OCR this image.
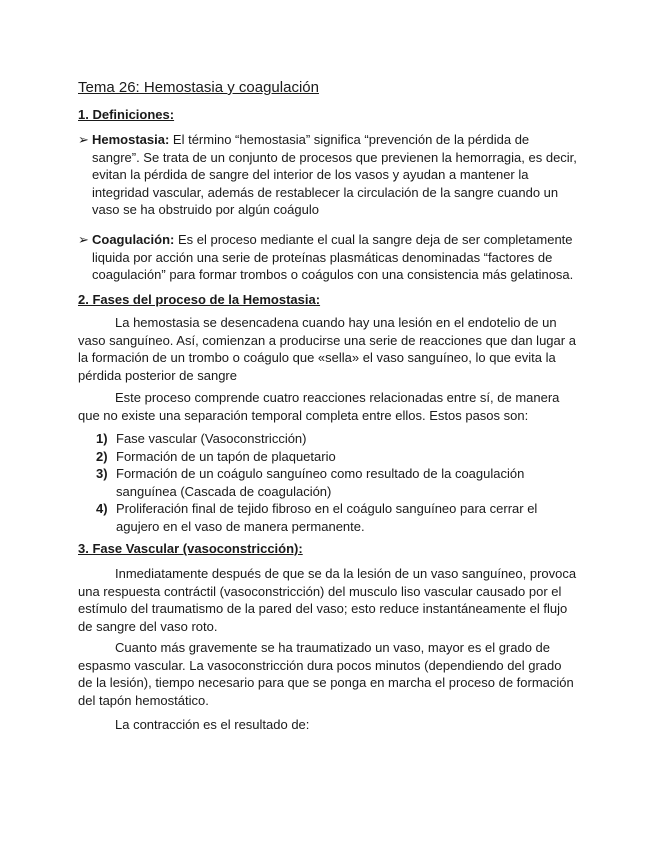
Tema 26: Hemostasia y coagulación
1. Definiciones:
➢ Hemostasia: El término “hemostasia” significa “prevención de la pérdida de sangre”. Se trata de un conjunto de procesos que previenen la hemorragia, es decir, evitan la pérdida de sangre del interior de los vasos y ayudan a mantener la integridad vascular, además de restablecer la circulación de la sangre cuando un vaso se ha obstruido por algún coágulo
➢ Coagulación: Es el proceso mediante el cual la sangre deja de ser completamente liquida por acción una serie de proteínas plasmáticas denominadas “factores de coagulación” para formar trombos o coágulos con una consistencia más gelatinosa.
2. Fases del proceso de la Hemostasia:
La hemostasia se desencadena cuando hay una lesión en el endotelio de un vaso sanguíneo. Así, comienzan a producirse una serie de reacciones que dan lugar a la formación de un trombo o coágulo que «sella» el vaso sanguíneo, lo que evita la pérdida posterior de sangre
Este proceso comprende cuatro reacciones relacionadas entre sí, de manera que no existe una separación temporal completa entre ellos. Estos pasos son:
1) Fase vascular (Vasoconstricción)
2) Formación de un tapón de plaquetario
3) Formación de un coágulo sanguíneo como resultado de la coagulación sanguínea (Cascada de coagulación)
4) Proliferación final de tejido fibroso en el coágulo sanguíneo para cerrar el agujero en el vaso de manera permanente.
3. Fase Vascular (vasoconstricción):
Inmediatamente después de que se da la lesión de un vaso sanguíneo, provoca una respuesta contráctil (vasoconstricción) del musculo liso vascular causado por el estímulo del traumatismo de la pared del vaso; esto reduce instantáneamente el flujo de sangre del vaso roto.
Cuanto más gravemente se ha traumatizado un vaso, mayor es el grado de espasmo vascular. La vasoconstricción dura pocos minutos (dependiendo del grado de la lesión), tiempo necesario para que se ponga en marcha el proceso de formación del tapón hemostático.
La contracción es el resultado de:
